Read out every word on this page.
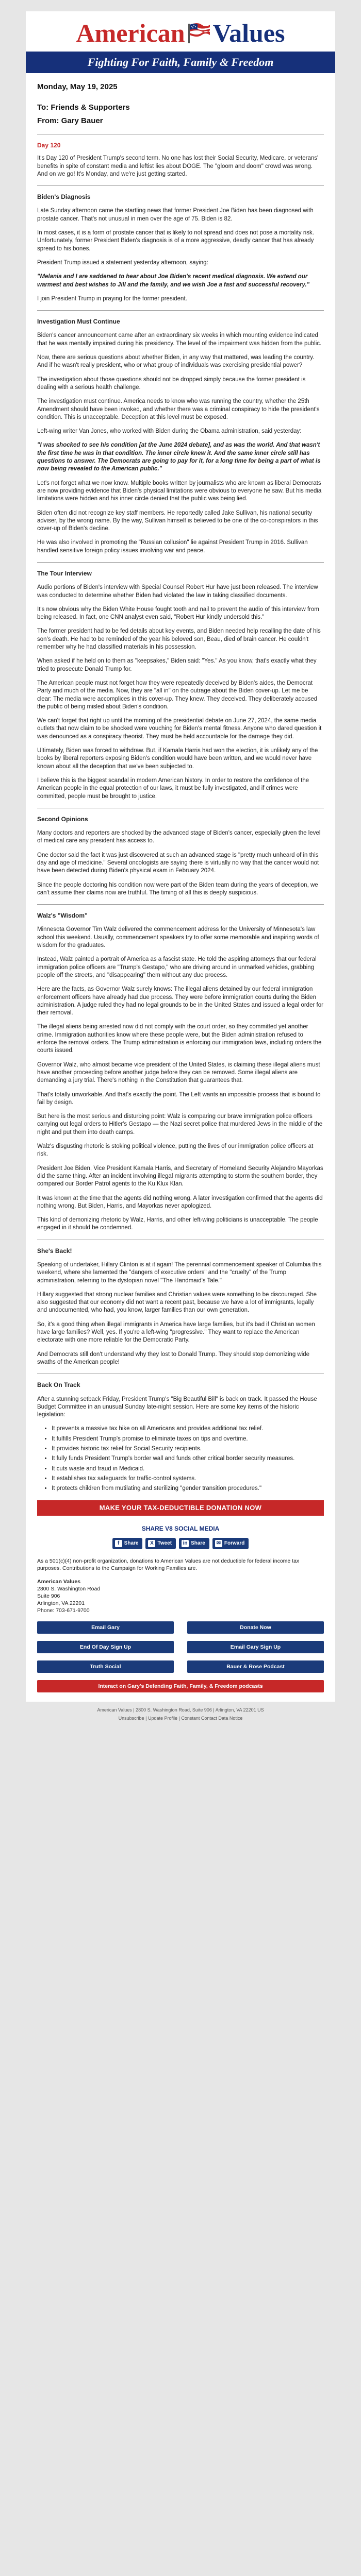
American Values
Fighting For Faith, Family & Freedom
Monday, May 19, 2025
To: Friends & Supporters
From: Gary Bauer
Day 120

It's Day 120 of President Trump's second term. No one has lost their Social Security, Medicare, or veterans' benefits in spite of constant media and leftist lies about DOGE. The "gloom and doom" crowd was wrong. And on we go! It's Monday, and we're just getting started.

Biden's Diagnosis

Late Sunday afternoon came the startling news that former President Joe Biden has been diagnosed with prostate cancer. That's not unusual in men over the age of 75. Biden is 82.

In most cases, it is a form of prostate cancer that is likely to not spread and does not pose a mortality risk. Unfortunately, former President Biden's diagnosis is of a more aggressive, deadly cancer that has already spread to his bones.

President Trump issued a statement yesterday afternoon, saying:

"Melania and I are saddened to hear about Joe Biden's recent medical diagnosis. We extend our warmest and best wishes to Jill and the family, and we wish Joe a fast and successful recovery."

I join President Trump in praying for the former president.

Investigation Must Continue

Biden's cancer announcement came after an extraordinary six weeks in which mounting evidence indicated that he was mentally impaired during his presidency. The level of the impairment was hidden from the public.

Now, there are serious questions about whether Biden, in any way that mattered, was leading the country. And if he wasn't really president, who or what group of individuals was exercising presidential power?

The investigation about those questions should not be dropped simply because the former president is dealing with a serious health challenge.

The investigation must continue. America needs to know who was running the country, whether the 25th Amendment should have been invoked, and whether there was a criminal conspiracy to hide the president's condition. This is unacceptable. Deception at this level must be exposed.

Left-wing writer Van Jones, who worked with Biden during the Obama administration, said yesterday:

"I was shocked to see his condition [at the June 2024 debate], and as was the world. And that wasn't the first time he was in that condition. The inner circle knew it. And the same inner circle still has questions to answer. The Democrats are going to pay for it, for a long time for being a part of what is now being revealed to the American public."

Let's not forget what we now know. Multiple books written by journalists who are known as liberal Democrats are now providing evidence that Biden's physical limitations were obvious to everyone he saw. But his media limitations were hidden and his inner circle denied that the public was being lied.

Biden often did not recognize key staff members. He reportedly called Jake Sullivan, his national security adviser, by the wrong name. By the way, Sullivan himself is believed to be one of the co-conspirators in this cover-up of Biden's decline.

He was also involved in promoting the "Russian collusion" lie against President Trump in 2016. Sullivan handled sensitive foreign policy issues involving war and peace.

The Tour Interview

Audio portions of Biden's interview with Special Counsel Robert Hur have just been released. The interview was conducted to determine whether Biden had violated the law in taking classified documents.

It's now obvious why the Biden White House fought tooth and nail to prevent the audio of this interview from being released. In fact, one CNN analyst even said, "Robert Hur kindly undersold this."

The former president had to be fed details about key events, and Biden needed help recalling the date of his son's death. He had to be reminded of the year his beloved son, Beau, died of brain cancer. He couldn't remember why he had classified materials in his possession.

When asked if he held on to them as "keepsakes," Biden said: "Yes." As you know, that's exactly what they tried to prosecute Donald Trump for.

The American people must not forget how they were repeatedly deceived by Biden's aides, the Democrat Party and much of the media. Now, they are "all in" on the outrage about the Biden cover-up. Let me be clear: The media were accomplices in this cover-up. They knew. They deceived. They deliberately accused the public of being misled about Biden's condition.

We can't forget that right up until the morning of the presidential debate on June 27, 2024, the same media outlets that now claim to be shocked were vouching for Biden's mental fitness. Anyone who dared question it was denounced as a conspiracy theorist. They must be held accountable for the damage they did.

Ultimately, Biden was forced to withdraw. But, if Kamala Harris had won the election, it is unlikely any of the books by liberal reporters exposing Biden's condition would have been written, and we would never have known about all the deception that we've been subjected to.

I believe this is the biggest scandal in modern American history. In order to restore the confidence of the American people in the equal protection of our laws, it must be fully investigated, and if crimes were committed, people must be brought to justice.

Second Opinions

Many doctors and reporters are shocked by the advanced stage of Biden's cancer, especially given the level of medical care any president has access to.

One doctor said the fact it was just discovered at such an advanced stage is "pretty much unheard of in this day and age of medicine." Several oncologists are saying there is virtually no way that the cancer would not have been detected during Biden's physical exam in February 2024.

Since the people doctoring his condition now were part of the Biden team during the years of deception, we can't assume their claims now are truthful. The timing of all this is deeply suspicious.

Walz's "Wisdom"

Minnesota Governor Tim Walz delivered the commencement address for the University of Minnesota's law school this weekend. Usually, commencement speakers try to offer some memorable and inspiring words of wisdom for the graduates.

Instead, Walz painted a portrait of America as a fascist state. He told the aspiring attorneys that our federal immigration police officers are "Trump's Gestapo," who are driving around in unmarked vehicles, grabbing people off the streets, and "disappearing" them without any due process.

Here are the facts, as Governor Walz surely knows: The illegal aliens detained by our federal immigration enforcement officers have already had due process. They were before immigration courts during the Biden administration. A judge ruled they had no legal grounds to be in the United States and issued a legal order for their removal.

The illegal aliens being arrested now did not comply with the court order, so they committed yet another crime. Immigration authorities know where these people were, but the Biden administration refused to enforce the removal orders. The Trump administration is enforcing our immigration laws, including orders the courts issued.

Governor Walz, who almost became vice president of the United States, is claiming these illegal aliens must have another proceeding before another judge before they can be removed. Some illegal aliens are demanding a jury trial. There's nothing in the Constitution that guarantees that.

That's totally unworkable. And that's exactly the point. The Left wants an impossible process that is bound to fail by design.

But here is the most serious and disturbing point: Walz is comparing our brave immigration police officers carrying out legal orders to Hitler's Gestapo — the Nazi secret police that murdered Jews in the middle of the night and put them into death camps.

Walz's disgusting rhetoric is stoking political violence, putting the lives of our immigration police officers at risk.

President Joe Biden, Vice President Kamala Harris, and Secretary of Homeland Security Alejandro Mayorkas did the same thing. After an incident involving illegal migrants attempting to storm the southern border, they compared our Border Patrol agents to the Ku Klux Klan.

It was known at the time that the agents did nothing wrong. A later investigation confirmed that the agents did nothing wrong. But Biden, Harris, and Mayorkas never apologized.

This kind of demonizing rhetoric by Walz, Harris, and other left-wing politicians is unacceptable. The people engaged in it should be condemned.

She's Back!

Speaking of undertaker, Hillary Clinton is at it again! The perennial commencement speaker of Columbia this weekend, where she lamented the "dangers of executive orders" and the "cruelty" of the Trump administration, referring to the dystopian novel "The Handmaid's Tale."

Hillary suggested that strong nuclear families and Christian values were something to be discouraged. She also suggested that our economy did not want a recent past, because we have a lot of immigrants, legally and undocumented, who had, you know, larger families than our own generation.

So, it's a good thing when illegal immigrants in America have large families, but it's bad if Christian women have large families? Well, yes. If you're a left-wing "progressive." They want to replace the American electorate with one more reliable for the Democratic Party.

And Democrats still don't understand why they lost to Donald Trump. They should stop demonizing wide swaths of the American people!

Back On Track

After a stunning setback Friday, President Trump's "Big Beautiful Bill" is back on track. It passed the House Budget Committee in an unusual Sunday late-night session. Here are some key items of the historic legislation:

• It prevents a massive tax hike on all Americans and provides additional tax relief.
• It fulfills President Trump's promise to eliminate taxes on tips and overtime.
• It provides historic tax relief for Social Security recipients.
• It fully funds President Trump's border wall and funds other critical border security measures.
• It cuts waste and fraud in Medicaid.
• It establishes tax safeguards for traffic-control systems.
• It protects children from mutilating and sterilizing "gender transition procedures."
MAKE YOUR TAX-DEDUCTIBLE DONATION NOW
SHARE V8 SOCIAL MEDIA
f Share	X Tweet in Share ✉ Forward

As a 501(c)(4) non-profit organization, donations to American Values are not deductible for federal income tax purposes. Contributions to the Campaign for Working Families are.

American Values
2800 S. Washington Road
Suite 906
Arlington, VA 22201
Phone: 703-671-9700
Email Gary	Donate Now
End Of Day Sign Up	Email Gary Sign Up
Truth Social	Bauer & Rose Podcast
Interact on Gary's Defending Faith, Family, & Freedom podcasts
American Values | 2800 S. Washington Road, Suite 906 | Arlington, VA 22201 US
Unsubscribe | Update Profile | Constant Contact Data Notice
